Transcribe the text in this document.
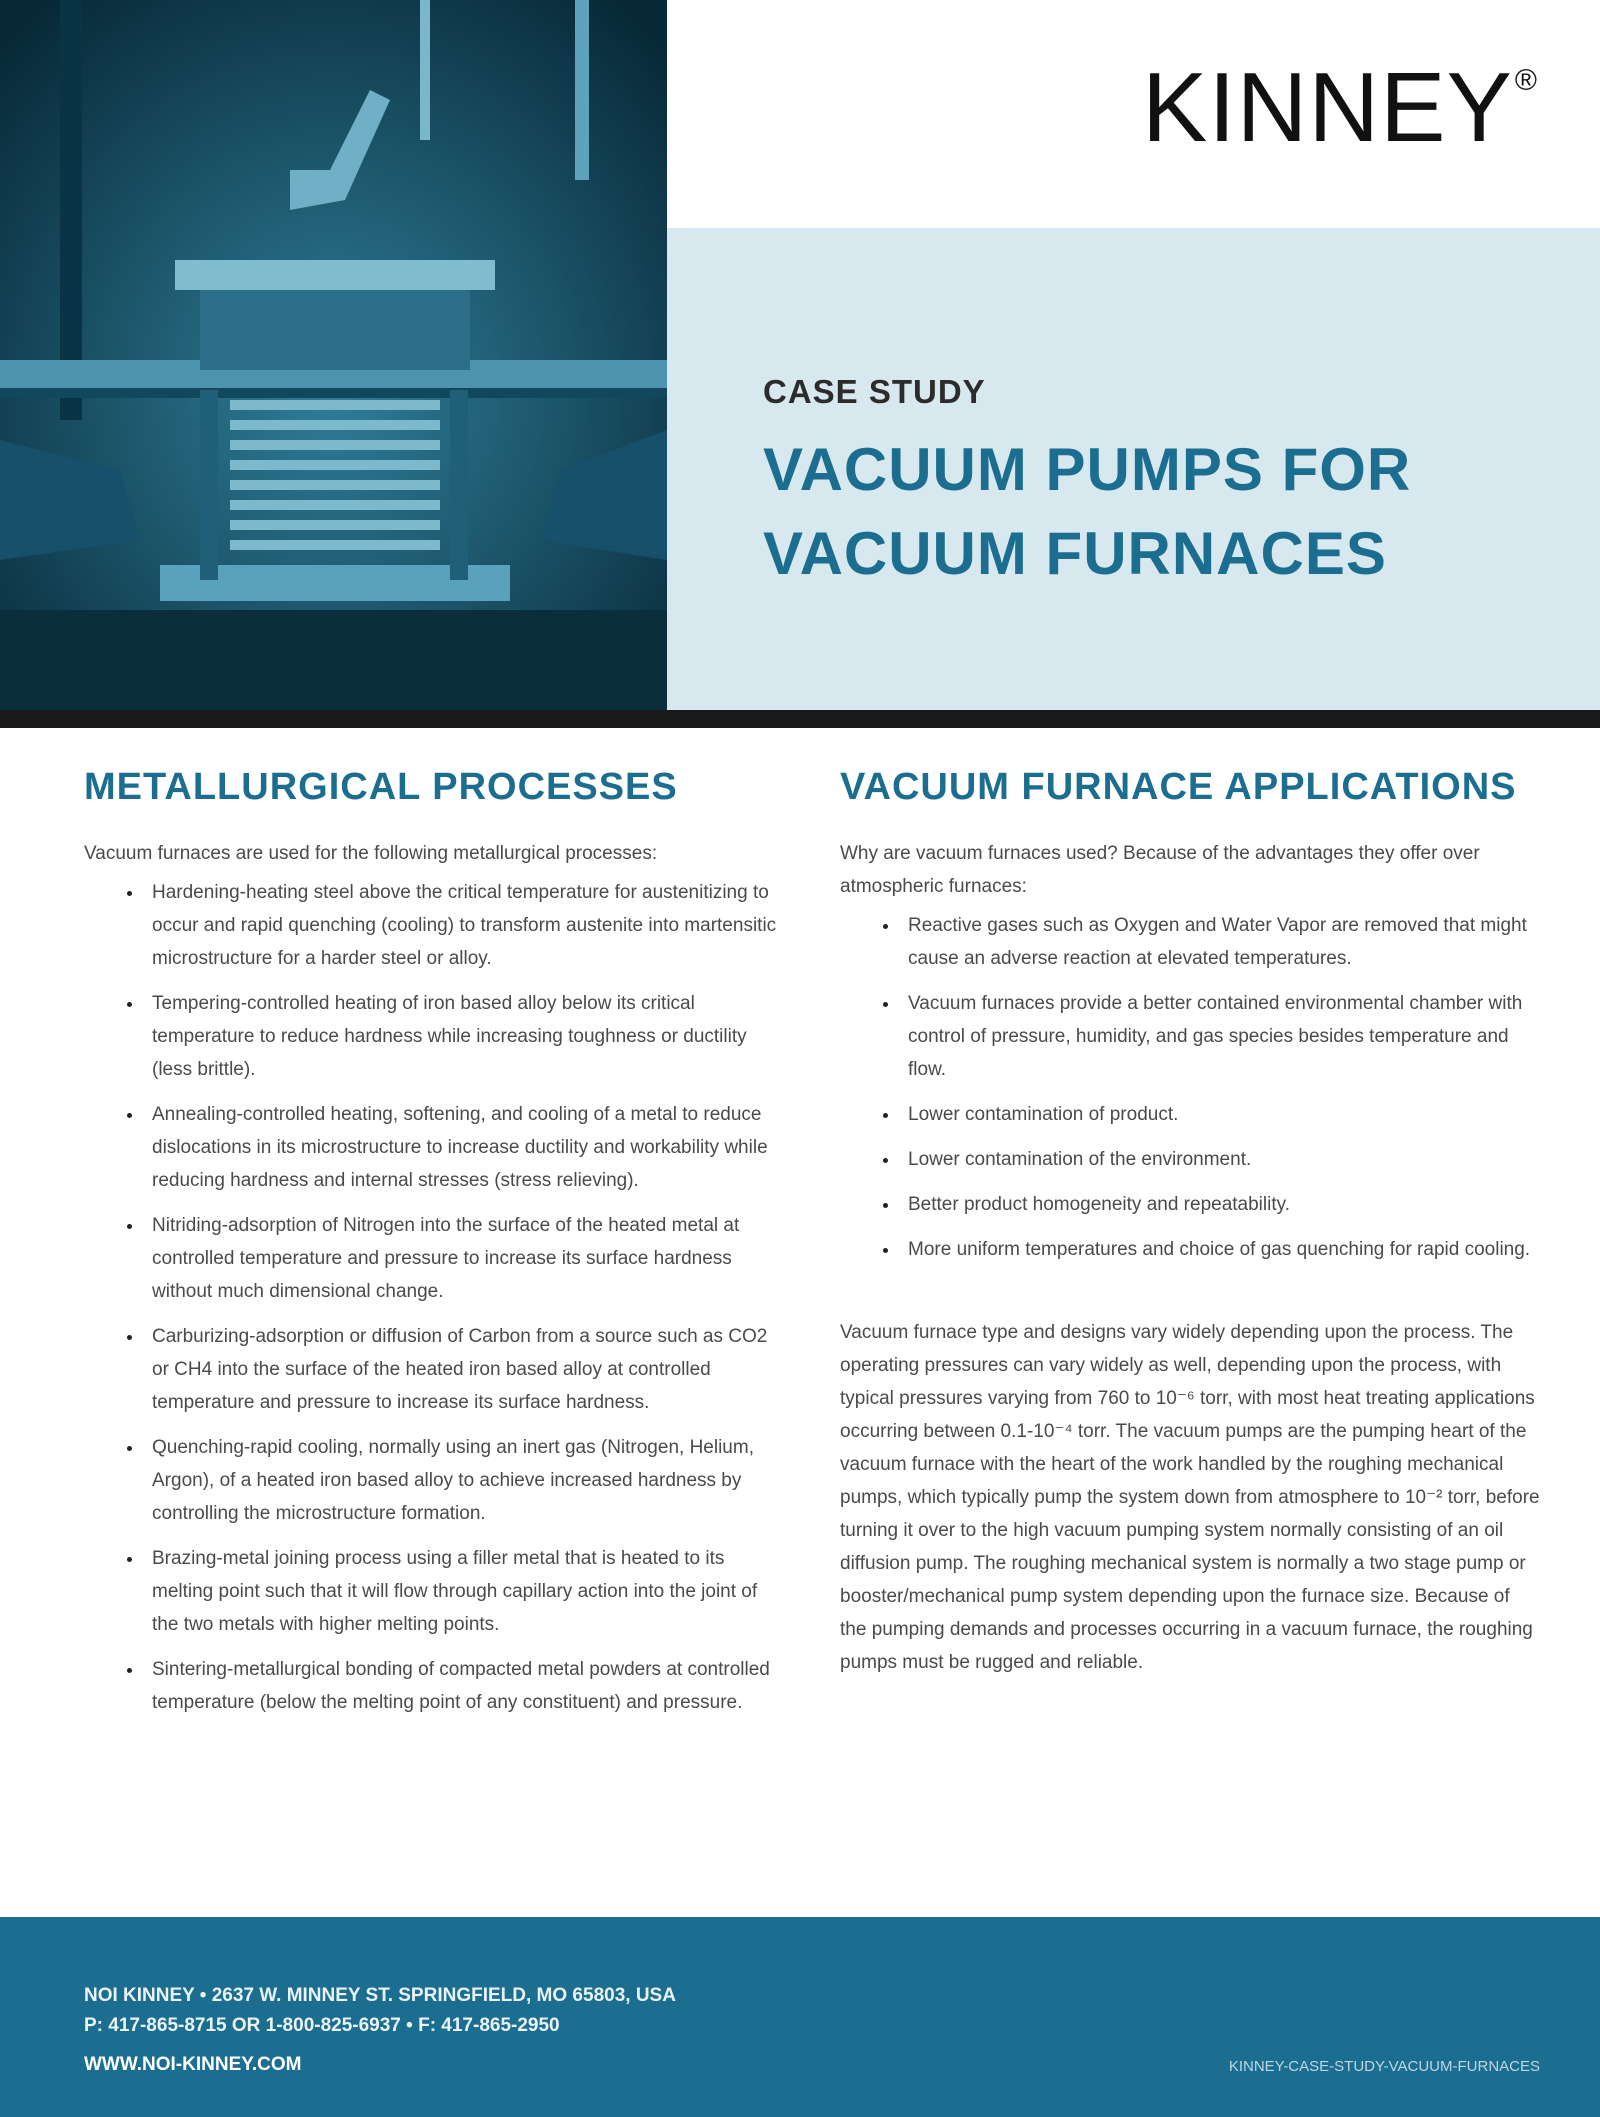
KINNEY®
CASE STUDY
VACUUM PUMPS FOR
VACUUM FURNACES
METALLURGICAL PROCESSES

Vacuum furnaces are used for the following metallurgical processes:

• Hardening-heating steel above the critical temperature for austenitizing to occur and rapid quenching (cooling) to transform austenite into martensitic microstructure for a harder steel or alloy.
• Tempering-controlled heating of iron based alloy below its critical temperature to reduce hardness while increasing toughness or ductility (less brittle).
• Annealing-controlled heating, softening, and cooling of a metal to reduce dislocations in its microstructure to increase ductility and workability while reducing hardness and internal stresses (stress relieving).
• Nitriding-adsorption of Nitrogen into the surface of the heated metal at controlled temperature and pressure to increase its surface hardness without much dimensional change.
• Carburizing-adsorption or diffusion of Carbon from a source such as CO2 or CH4 into the surface of the heated iron based alloy at controlled temperature and pressure to increase its surface hardness.
• Quenching-rapid cooling, normally using an inert gas (Nitrogen, Helium, Argon), of a heated iron based alloy to achieve increased hardness by controlling the microstructure formation.
• Brazing-metal joining process using a filler metal that is heated to its melting point such that it will flow through capillary action into the joint of the two metals with higher melting points.
• Sintering-metallurgical bonding of compacted metal powders at controlled temperature (below the melting point of any constituent) and pressure.
VACUUM FURNACE APPLICATIONS

Why are vacuum furnaces used? Because of the advantages they offer over atmospheric furnaces:

• Reactive gases such as Oxygen and Water Vapor are removed that might cause an adverse reaction at elevated temperatures.
• Vacuum furnaces provide a better contained environmental chamber with control of pressure, humidity, and gas species besides temperature and flow.
• Lower contamination of product.
• Lower contamination of the environment.
• Better product homogeneity and repeatability.
• More uniform temperatures and choice of gas quenching for rapid cooling.

Vacuum furnace type and designs vary widely depending upon the process. The operating pressures can vary widely as well, depending upon the process, with typical pressures varying from 760 to 10⁻⁶ torr, with most heat treating applications occurring between 0.1-10⁻⁴ torr. The vacuum pumps are the pumping heart of the vacuum furnace with the heart of the work handled by the roughing mechanical pumps, which typically pump the system down from atmosphere to 10⁻² torr, before turning it over to the high vacuum pumping system normally consisting of an oil diffusion pump. The roughing mechanical system is normally a two stage pump or booster/mechanical pump system depending upon the furnace size. Because of the pumping demands and processes occurring in a vacuum furnace, the roughing pumps must be rugged and reliable.

NOI KINNEY • 2637 W. MINNEY ST. SPRINGFIELD, MO 65803, USA
P: 417-865-8715 OR 1-800-825-6937 • F: 417-865-2950
WWW.NOI-KINNEY.COM	KINNEY-CASE-STUDY-VACUUM-FURNACES
